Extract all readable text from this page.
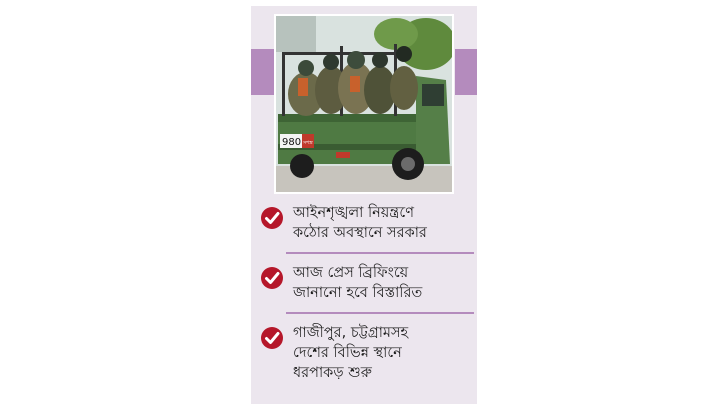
980 সশস্ত্র
আইনশৃঙ্খলা নিয়ন্ত্রণে
কঠোর অবস্থানে সরকার
আজ প্রেস ব্রিফিংয়ে
জানানো হবে বিস্তারিত
গাজীপুর, চট্টগ্রামসহ
দেশের বিভিন্ন স্থানে
ধরপাকড় শুরু
